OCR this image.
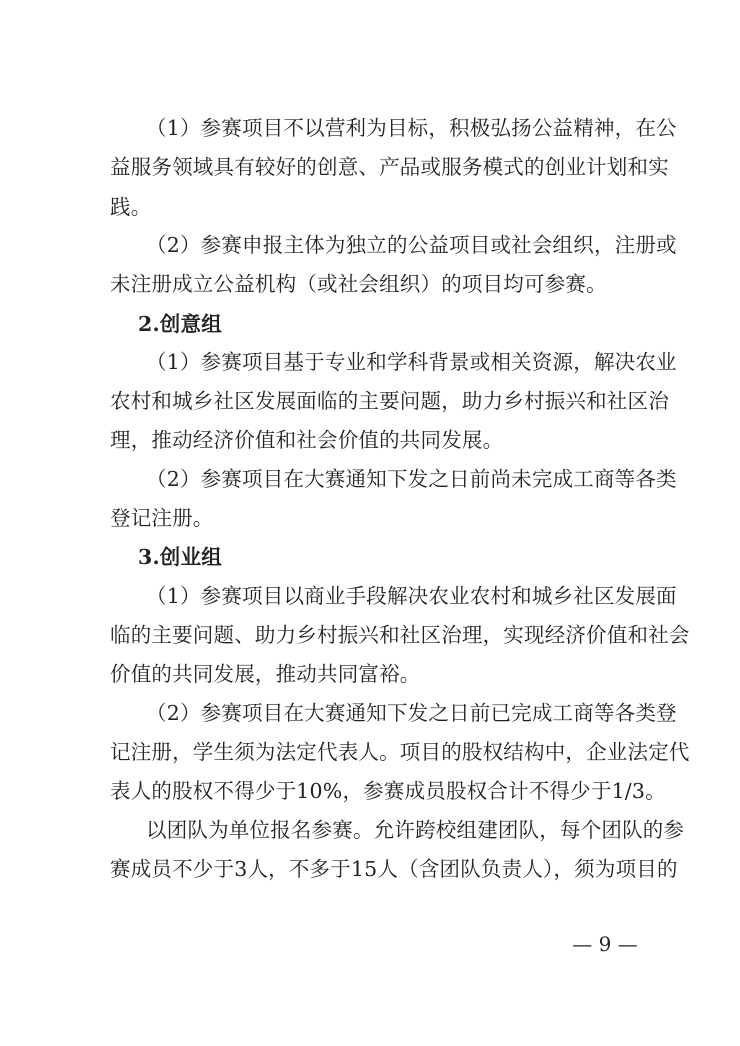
（1）参赛项目不以营利为目标，积极弘扬公益精神，在公

益服务领域具有较好的创意、产品或服务模式的创业计划和实

践。

（2）参赛申报主体为独立的公益项目或社会组织，注册或

未注册成立公益机构（或社会组织）的项目均可参赛。

2.创意组

（1）参赛项目基于专业和学科背景或相关资源，解决农业

农村和城乡社区发展面临的主要问题，助力乡村振兴和社区治

理，推动经济价值和社会价值的共同发展。

（2）参赛项目在大赛通知下发之日前尚未完成工商等各类

登记注册。

3.创业组

（1）参赛项目以商业手段解决农业农村和城乡社区发展面

临的主要问题、助力乡村振兴和社区治理，实现经济价值和社会

价值的共同发展，推动共同富裕。

（2）参赛项目在大赛通知下发之日前已完成工商等各类登

记注册，学生须为法定代表人。项目的股权结构中，企业法定代

表人的股权不得少于10%，参赛成员股权合计不得少于1/3。

以团队为单位报名参赛。允许跨校组建团队，每个团队的参

赛成员不少于3人，不多于15人（含团队负责人），须为项目的

— 9 —
